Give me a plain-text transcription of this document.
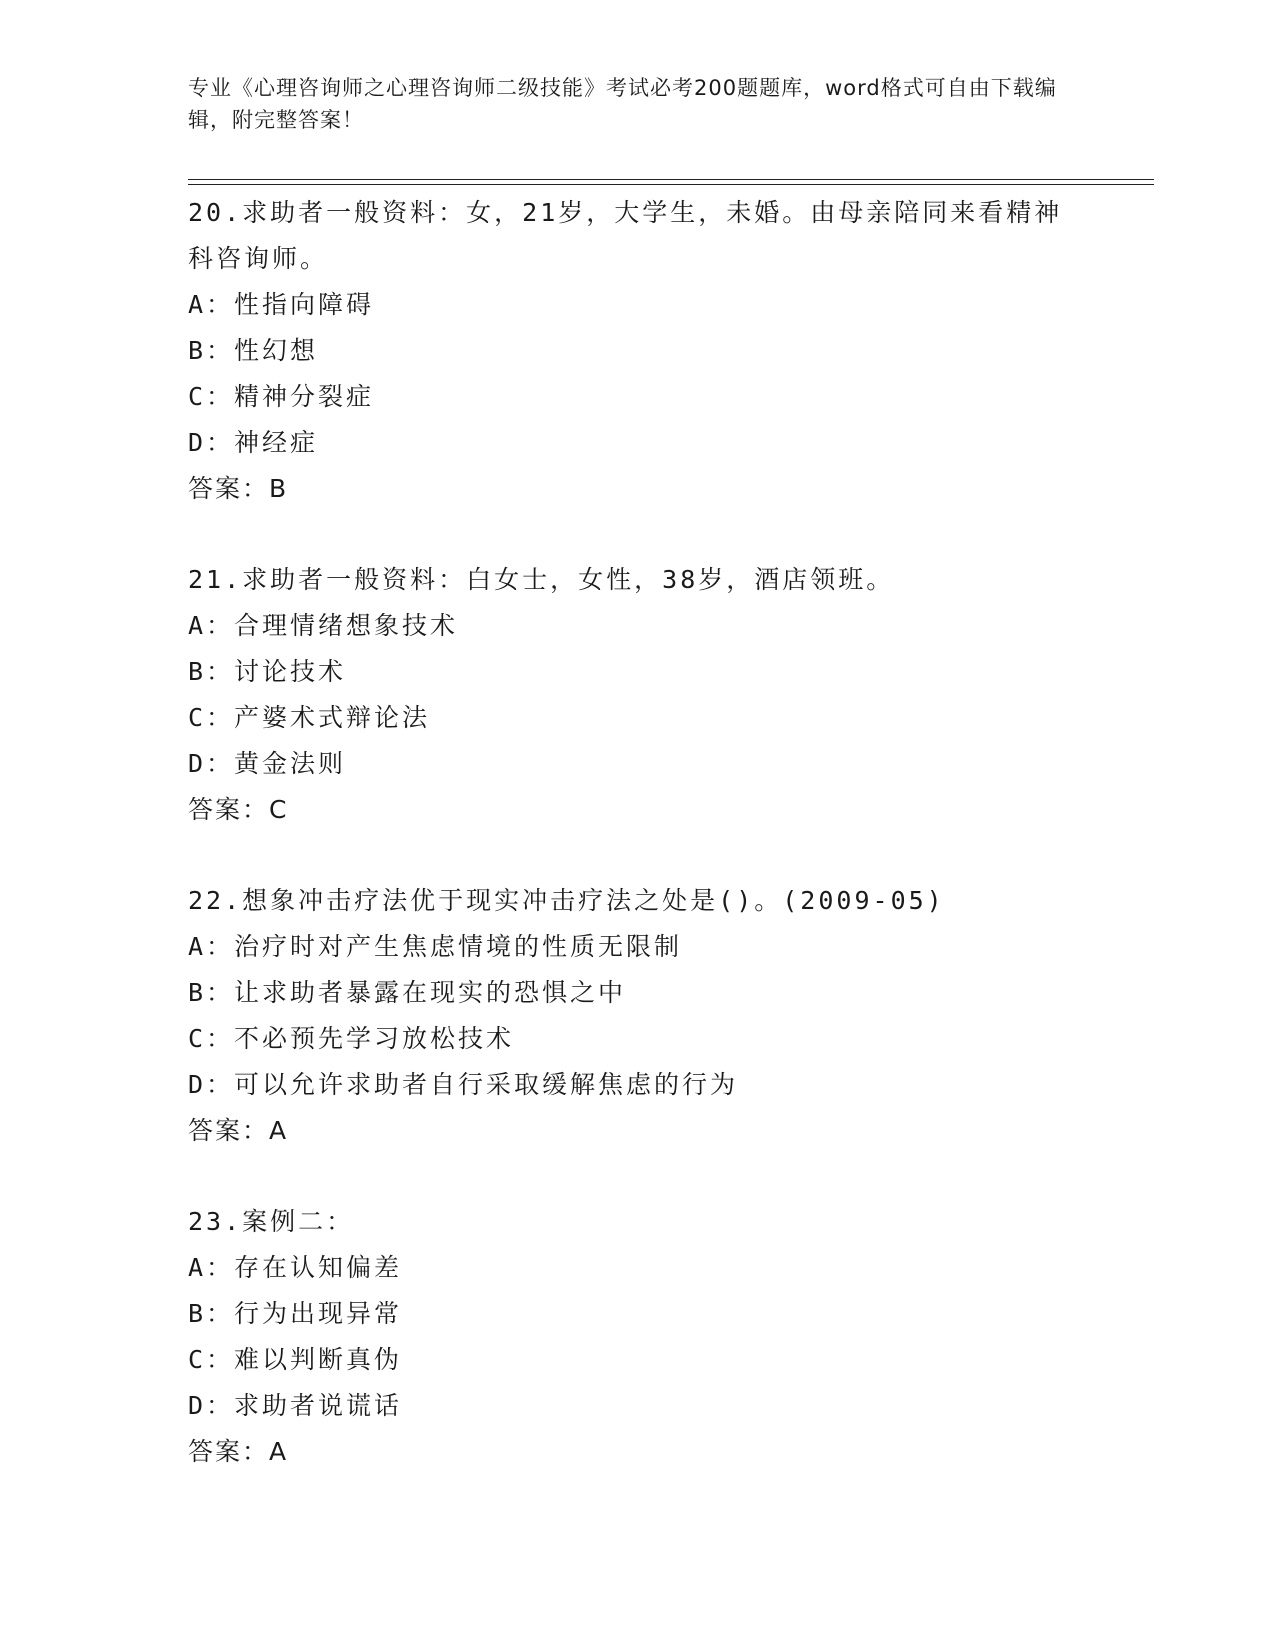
专业《心理咨询师之心理咨询师二级技能》考试必考200题题库，word格式可自由下载编辑，附完整答案！
20.求助者一般资料：女，21岁，大学生，未婚。由母亲陪同来看精神科咨询师。
A：性指向障碍
B：性幻想
C：精神分裂症
D：神经症
答案：B
21.求助者一般资料：白女士，女性，38岁，酒店领班。
A：合理情绪想象技术
B：讨论技术
C：产婆术式辩论法
D：黄金法则
答案：C
22.想象冲击疗法优于现实冲击疗法之处是()。(2009-05)
A：治疗时对产生焦虑情境的性质无限制
B：让求助者暴露在现实的恐惧之中
C：不必预先学习放松技术
D：可以允许求助者自行采取缓解焦虑的行为
答案：A
23.案例二：
A：存在认知偏差
B：行为出现异常
C：难以判断真伪
D：求助者说谎话
答案：A
